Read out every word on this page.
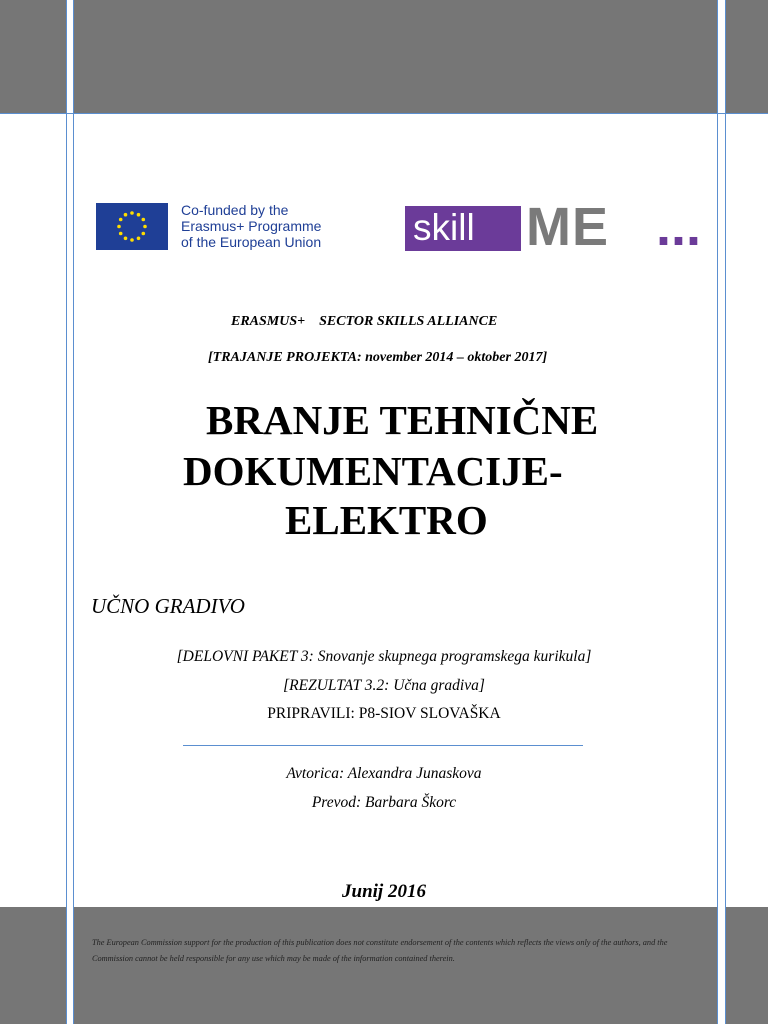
Co-funded by the
Erasmus+ Programme
of the European Union skill ME ...
ERASMUS+    SECTOR SKILLS ALLIANCE
[TRAJANJE PROJEKTA: november 2014 – oktober 2017]
BRANJE TEHNIČNE
DOKUMENTACIJE-
ELEKTRO
UČNO GRADIVO
[DELOVNI PAKET 3: Snovanje skupnega programskega kurikula]
[REZULTAT 3.2: Učna gradiva]
PRIPRAVILI: P8-SIOV SLOVAŠKA
Avtorica: Alexandra Junaskova
Prevod: Barbara Škorc
Junij 2016
The European Commission support for the production of this publication does not constitute endorsement of the contents which reflects the views only of the authors, and the Commission cannot be held responsible for any use which may be made of the information contained therein.
